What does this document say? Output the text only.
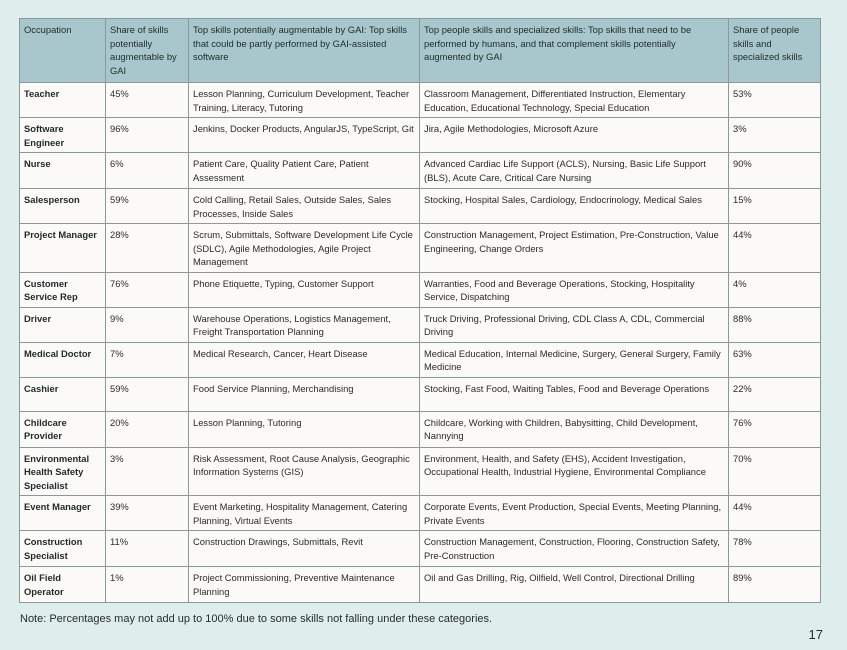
Occupation	Share of skills potentially augmentable by GAI	Top skills potentially augmentable by GAI: Top skills that could be partly performed by GAI-assisted software	Top people skills and specialized skills: Top skills that need to be performed by humans, and that complement skills potentially augmented by GAI	Share of people skills and specialized skills
Teacher	45%	Lesson Planning, Curriculum Development, Teacher Training, Literacy, Tutoring	Classroom Management, Differentiated Instruction, Elementary Education, Educational Technology, Special Education	53%
Software Engineer	96%	Jenkins, Docker Products, AngularJS, TypeScript, Git	Jira, Agile Methodologies, Microsoft Azure	3%
Nurse	6%	Patient Care, Quality Patient Care, Patient Assessment	Advanced Cardiac Life Support (ACLS), Nursing, Basic Life Support (BLS), Acute Care, Critical Care Nursing	90%
Salesperson	59%	Cold Calling, Retail Sales, Outside Sales, Sales Processes, Inside Sales	Stocking, Hospital Sales, Cardiology, Endocrinology, Medical Sales	15%
Project Manager	28%	Scrum, Submittals, Software Development Life Cycle (SDLC), Agile Methodologies, Agile Project Management	Construction Management, Project Estimation, Pre-Construction, Value Engineering, Change Orders	44%
Customer Service Rep	76%	Phone Etiquette, Typing, Customer Support	Warranties, Food and Beverage Operations, Stocking, Hospitality Service, Dispatching	4%
Driver	9%	Warehouse Operations, Logistics Management, Freight Transportation Planning	Truck Driving, Professional Driving, CDL Class A, CDL, Commercial Driving	88%
Medical Doctor	7%	Medical Research, Cancer, Heart Disease	Medical Education, Internal Medicine, Surgery, General Surgery, Family Medicine	63%
Cashier	59%	Food Service Planning, Merchandising	Stocking, Fast Food, Waiting Tables, Food and Beverage Operations	22%
Childcare Provider	20%	Lesson Planning, Tutoring	Childcare, Working with Children, Babysitting, Child Development, Nannying	76%
Environmental Health Safety Specialist	3%	Risk Assessment, Root Cause Analysis, Geographic Information Systems (GIS)	Environment, Health, and Safety (EHS), Accident Investigation, Occupational Health, Industrial Hygiene, Environmental Compliance	70%
Event Manager	39%	Event Marketing, Hospitality Management, Catering Planning, Virtual Events	Corporate Events, Event Production, Special Events, Meeting Planning, Private Events	44%
Construction Specialist	11%	Construction Drawings, Submittals, Revit	Construction Management, Construction, Flooring, Construction Safety, Pre-Construction	78%
Oil Field Operator	1%	Project Commissioning, Preventive Maintenance Planning	Oil and Gas Drilling, Rig, Oilfield, Well Control, Directional Drilling	89%
Note: Percentages may not add up to 100% due to some skills not falling under these categories.
17
